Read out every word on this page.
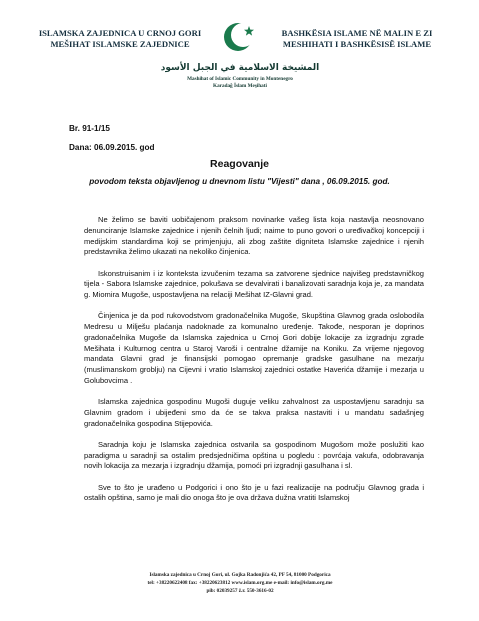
ISLAMSKA ZAJEDNICA U CRNOJ GORI
MEŠIHAT ISLAMSKE ZAJEDNICE
BASHKËSIA ISLAME NË MALIN E ZI
MESHIHATI I BASHKËSISË ISLAME
المشيخة الاسلامية في الجبل الأسود
Mashihat of Islamic Community in Montenegro
Karadağ İslam Meşihati
Br. 91-1/15
Dana: 06.09.2015. god
Reagovanje
povodom teksta objavljenog u dnevnom listu "Vijesti" dana , 06.09.2015. god.

Ne želimo se baviti uobičajenom praksom novinarke vašeg lista koja nastavlja neosnovano denunciranje Islamske zajednice i njenih čelnih ljudi; naime to puno govori o uređivačkoj koncepciji i medijskim standardima koji se primjenjuju, ali zbog zaštite digniteta Islamske zajednice i njenih predstavnika želimo ukazati na nekoliko činjenica.

Iskonstruisanim i iz konteksta izvučenim tezama sa zatvorene sjednice najvišeg predstavničkog tijela - Sabora Islamske zajednice, pokušava se devalvirati i banalizovati saradnja koja je, za mandata g. Miomira Mugoše, uspostavljena na relaciji Mešihat IZ-Glavni grad.

Činjenica je da pod rukovodstvom gradonačelnika Mugoše, Skupština Glavnog grada oslobodila Medresu u Milješu plaćanja nadoknade za komunalno uređenje. Takođe, nesporan je doprinos gradonačelnika Mugoše da Islamska zajednica u Crnoj Gori dobije lokacije za izgradnju zgrade Mešihata i Kulturnog centra u Staroj Varoši i centralne džamije na Koniku. Za vrijeme njegovog mandata Glavni grad je finansijski pomogao opremanje gradske gasulhane na mezarju (muslimanskom groblju) na Cijevni i vratio Islamskoj zajednici ostatke Haverića džamije i mezarja u Golubovcima .

Islamska zajednica gospodinu Mugoši duguje veliku zahvalnost za uspostavljenu saradnju sa Glavnim gradom i ubijeđeni smo da će se takva praksa nastaviti i u mandatu sadašnjeg gradonačelnika gospodina Stijepovića.

Saradnja koju je Islamska zajednica ostvarila sa gospodinom Mugošom može poslužiti kao paradigma u saradnji sa ostalim predsjedničima opština u pogledu : povrćaja vakufa, odobravanja novih lokacija za mezarja i izgradnju džamija, pomoći pri izgradnji gasulhana i sl.

Sve to što je urađeno u Podgorici i ono što je u fazi realizacije na području Glavnog grada i ostalih opština, samo je mali dio onoga što je ova država dužna vratiti Islamskoj

Islamska zajednica u Crnoj Gori, ul. Gojka Radonjića 42, PF 54, 81000 Podgorica
tel: +38220622408 fax: +38220623812 www.islam.org.me e-mail: info@islam.org.me
pib: 02039257 ž.r. 550-3616-02
